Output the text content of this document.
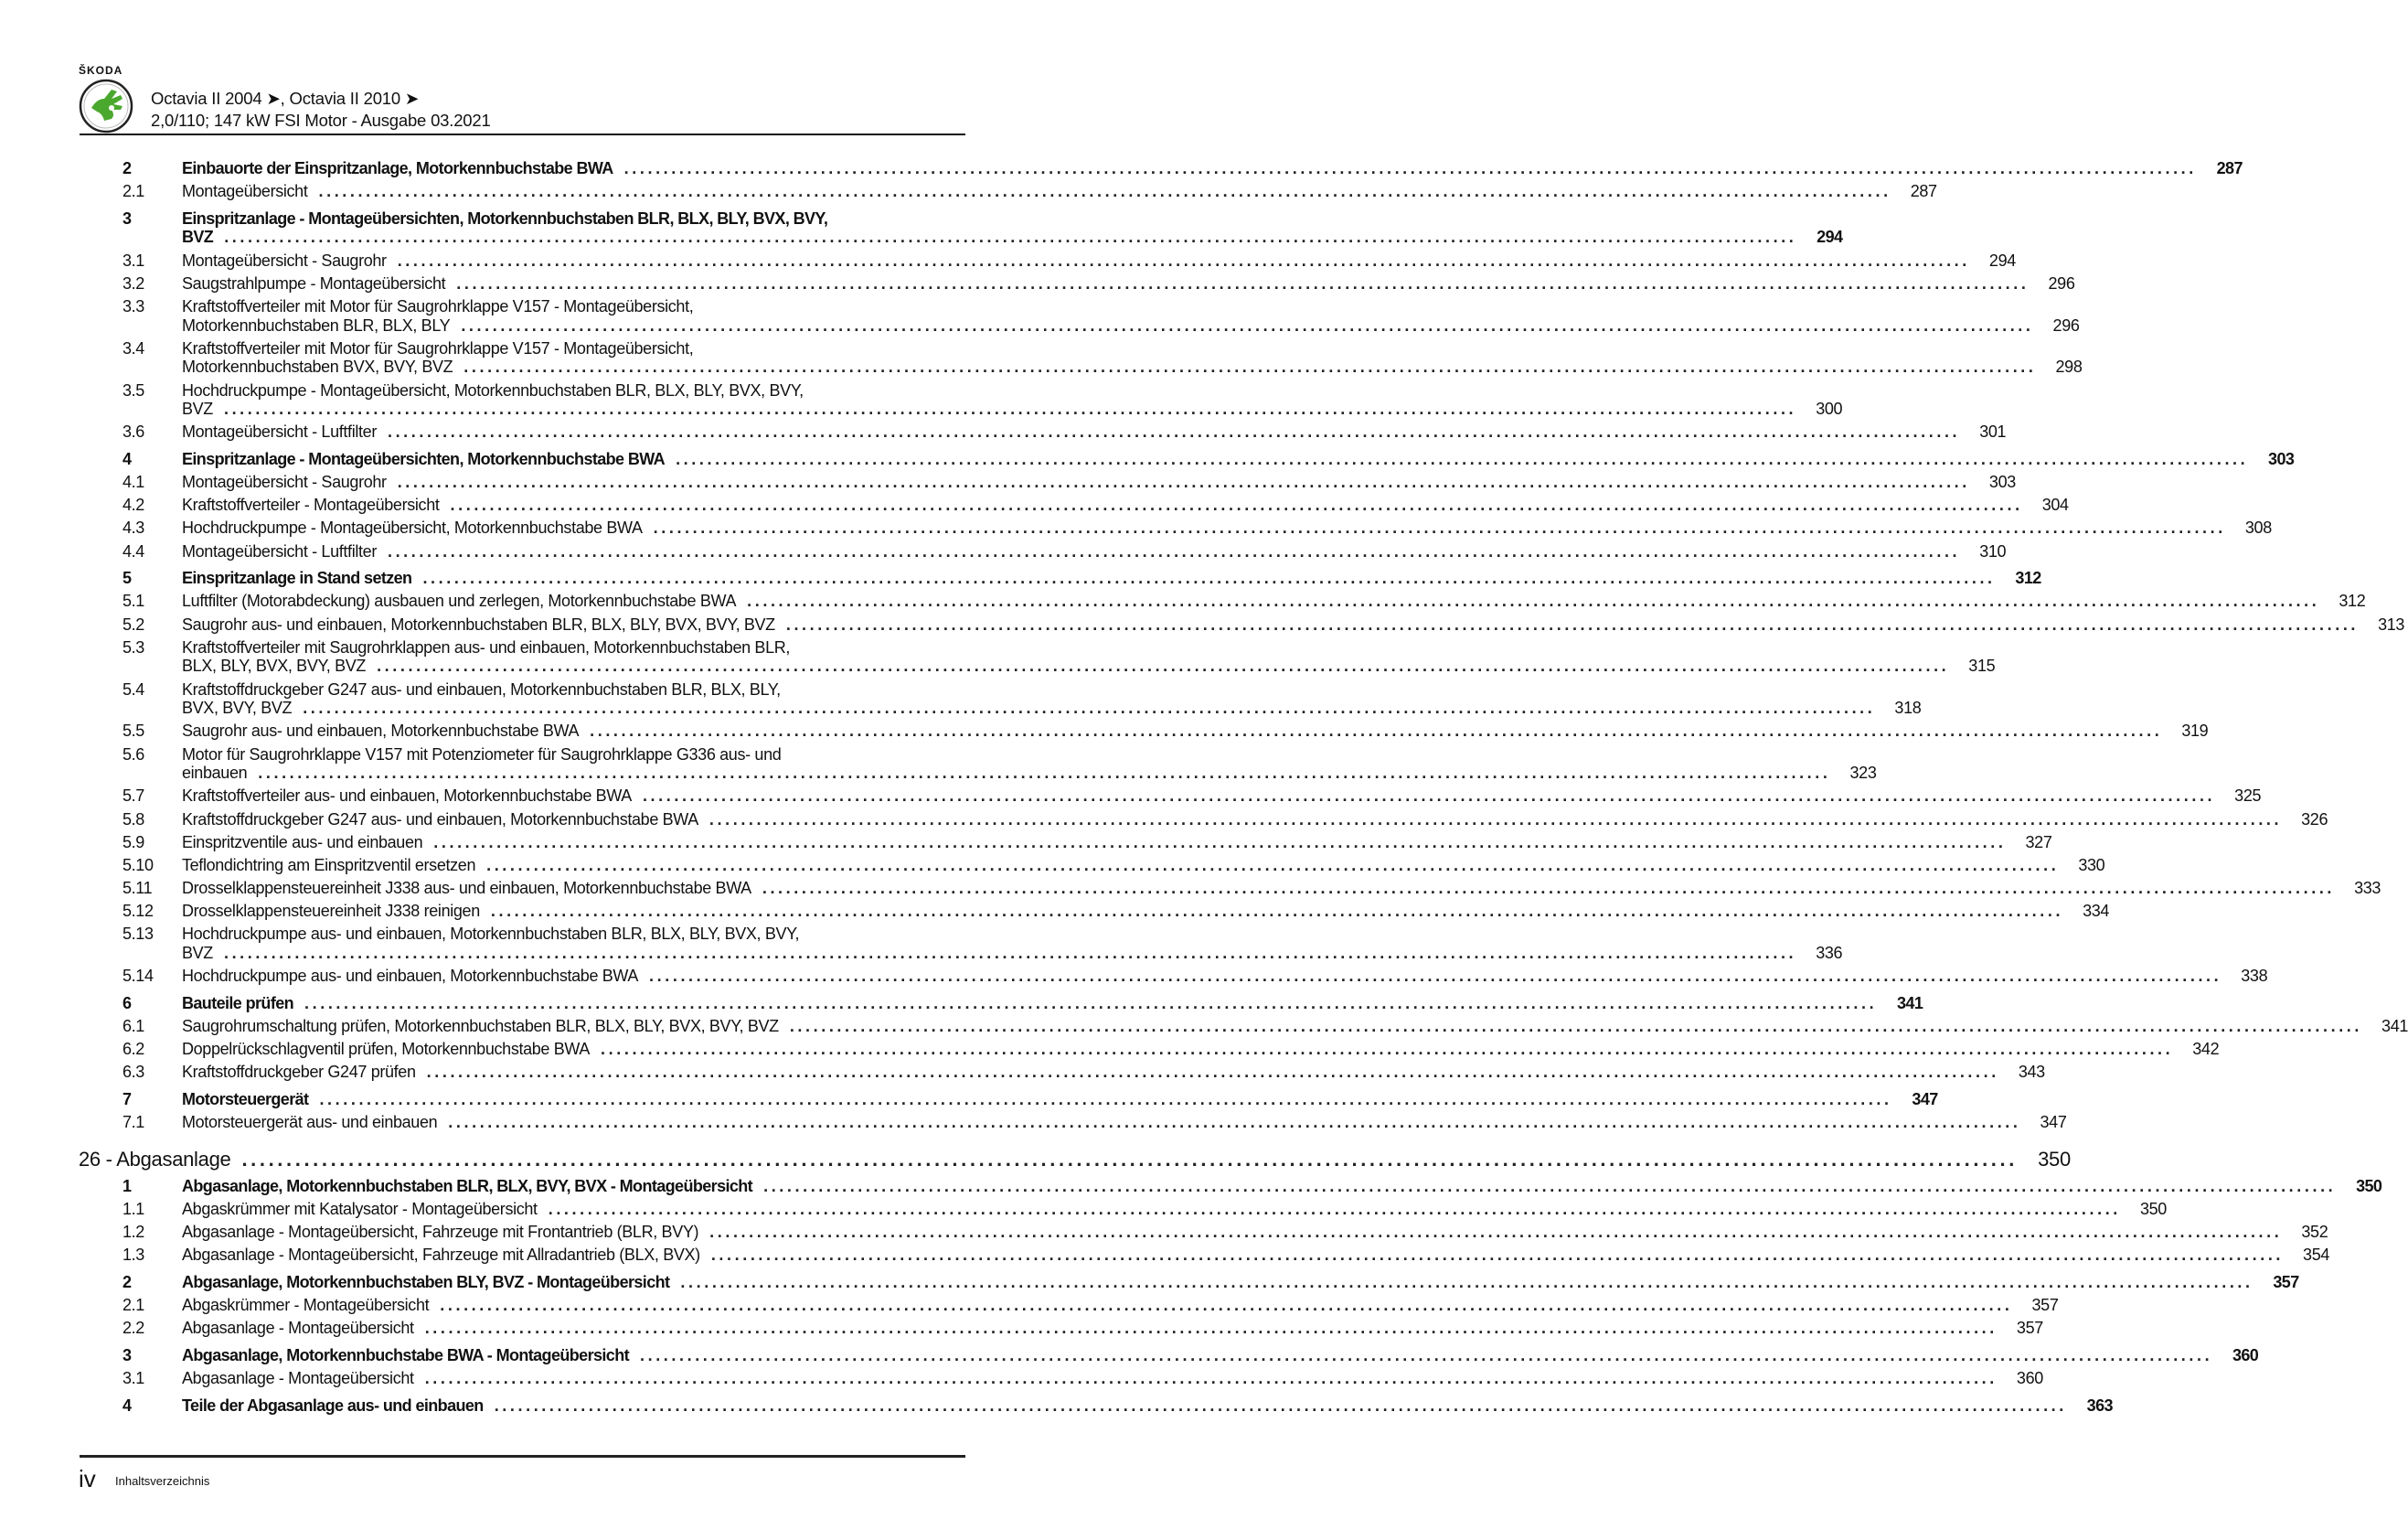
ŠKODA
Octavia II 2004 ➤, Octavia II 2010 ➤
2,0/110; 147 kW FSI Motor - Ausgabe 03.2021
2	Einbauorte der Einspritzanlage, Motorkennbuchstabe BWA ........................................................................................................................................................................................................	287
2.1	Montageübersicht ........................................................................................................................................................................................................	287
3	Einspritzanlage - Montageübersichten, Motorkennbuchstaben BLR, BLX, BLY, BVX, BVY,
BVZ ........................................................................................................................................................................................................	294
3.1	Montageübersicht - Saugrohr ........................................................................................................................................................................................................	294
3.2	Saugstrahlpumpe - Montageübersicht ........................................................................................................................................................................................................	296
3.3	Kraftstoffverteiler mit Motor für Saugrohrklappe V157 - Montageübersicht,
Motorkennbuchstaben BLR, BLX, BLY ........................................................................................................................................................................................................	296
3.4	Kraftstoffverteiler mit Motor für Saugrohrklappe V157 - Montageübersicht,
Motorkennbuchstaben BVX, BVY, BVZ ........................................................................................................................................................................................................	298
3.5	Hochdruckpumpe - Montageübersicht, Motorkennbuchstaben BLR, BLX, BLY, BVX, BVY,
BVZ ........................................................................................................................................................................................................	300
3.6	Montageübersicht - Luftfilter ........................................................................................................................................................................................................	301
4	Einspritzanlage - Montageübersichten, Motorkennbuchstabe BWA ........................................................................................................................................................................................................	303
4.1	Montageübersicht - Saugrohr ........................................................................................................................................................................................................	303
4.2	Kraftstoffverteiler - Montageübersicht ........................................................................................................................................................................................................	304
4.3	Hochdruckpumpe - Montageübersicht, Motorkennbuchstabe BWA ........................................................................................................................................................................................................	308
4.4	Montageübersicht - Luftfilter ........................................................................................................................................................................................................	310
5	Einspritzanlage in Stand setzen ........................................................................................................................................................................................................	312
5.1	Luftfilter (Motorabdeckung) ausbauen und zerlegen, Motorkennbuchstabe BWA ........................................................................................................................................................................................................	312
5.2	Saugrohr aus- und einbauen, Motorkennbuchstaben BLR, BLX, BLY, BVX, BVY, BVZ ........................................................................................................................................................................................................	313
5.3	Kraftstoffverteiler mit Saugrohrklappen aus- und einbauen, Motorkennbuchstaben BLR,
BLX, BLY, BVX, BVY, BVZ ........................................................................................................................................................................................................	315
5.4	Kraftstoffdruckgeber G247 aus- und einbauen, Motorkennbuchstaben BLR, BLX, BLY,
BVX, BVY, BVZ ........................................................................................................................................................................................................	318
5.5	Saugrohr aus- und einbauen, Motorkennbuchstabe BWA ........................................................................................................................................................................................................	319
5.6	Motor für Saugrohrklappe V157 mit Potenziometer für Saugrohrklappe G336 aus- und
einbauen ........................................................................................................................................................................................................	323
5.7	Kraftstoffverteiler aus- und einbauen, Motorkennbuchstabe BWA ........................................................................................................................................................................................................	325
5.8	Kraftstoffdruckgeber G247 aus- und einbauen, Motorkennbuchstabe BWA ........................................................................................................................................................................................................	326
5.9	Einspritzventile aus- und einbauen ........................................................................................................................................................................................................	327
5.10	Teflondichtring am Einspritzventil ersetzen ........................................................................................................................................................................................................	330
5.11	Drosselklappensteuereinheit J338 aus- und einbauen, Motorkennbuchstabe BWA ........................................................................................................................................................................................................	333
5.12	Drosselklappensteuereinheit J338 reinigen ........................................................................................................................................................................................................	334
5.13	Hochdruckpumpe aus- und einbauen, Motorkennbuchstaben BLR, BLX, BLY, BVX, BVY,
BVZ ........................................................................................................................................................................................................	336
5.14	Hochdruckpumpe aus- und einbauen, Motorkennbuchstabe BWA ........................................................................................................................................................................................................	338
6	Bauteile prüfen ........................................................................................................................................................................................................	341
6.1	Saugrohrumschaltung prüfen, Motorkennbuchstaben BLR, BLX, BLY, BVX, BVY, BVZ ........................................................................................................................................................................................................	341
6.2	Doppelrückschlagventil prüfen, Motorkennbuchstabe BWA ........................................................................................................................................................................................................	342
6.3	Kraftstoffdruckgeber G247 prüfen ........................................................................................................................................................................................................	343
7	Motorsteuergerät ........................................................................................................................................................................................................	347
7.1	Motorsteuergerät aus- und einbauen ........................................................................................................................................................................................................	347
26 - Abgasanlage ........................................................................................................................................................................................................	350
1	Abgasanlage, Motorkennbuchstaben BLR, BLX, BVY, BVX - Montageübersicht ........................................................................................................................................................................................................	350
1.1	Abgaskrümmer mit Katalysator - Montageübersicht ........................................................................................................................................................................................................	350
1.2	Abgasanlage - Montageübersicht, Fahrzeuge mit Frontantrieb (BLR, BVY) ........................................................................................................................................................................................................	352
1.3	Abgasanlage - Montageübersicht, Fahrzeuge mit Allradantrieb (BLX, BVX) ........................................................................................................................................................................................................	354
2	Abgasanlage, Motorkennbuchstaben BLY, BVZ - Montageübersicht ........................................................................................................................................................................................................	357
2.1	Abgaskrümmer - Montageübersicht ........................................................................................................................................................................................................	357
2.2	Abgasanlage - Montageübersicht ........................................................................................................................................................................................................	357
3	Abgasanlage, Motorkennbuchstabe BWA - Montageübersicht ........................................................................................................................................................................................................	360
3.1	Abgasanlage - Montageübersicht ........................................................................................................................................................................................................	360
4	Teile der Abgasanlage aus- und einbauen ........................................................................................................................................................................................................	363
iv Inhaltsverzeichnis
